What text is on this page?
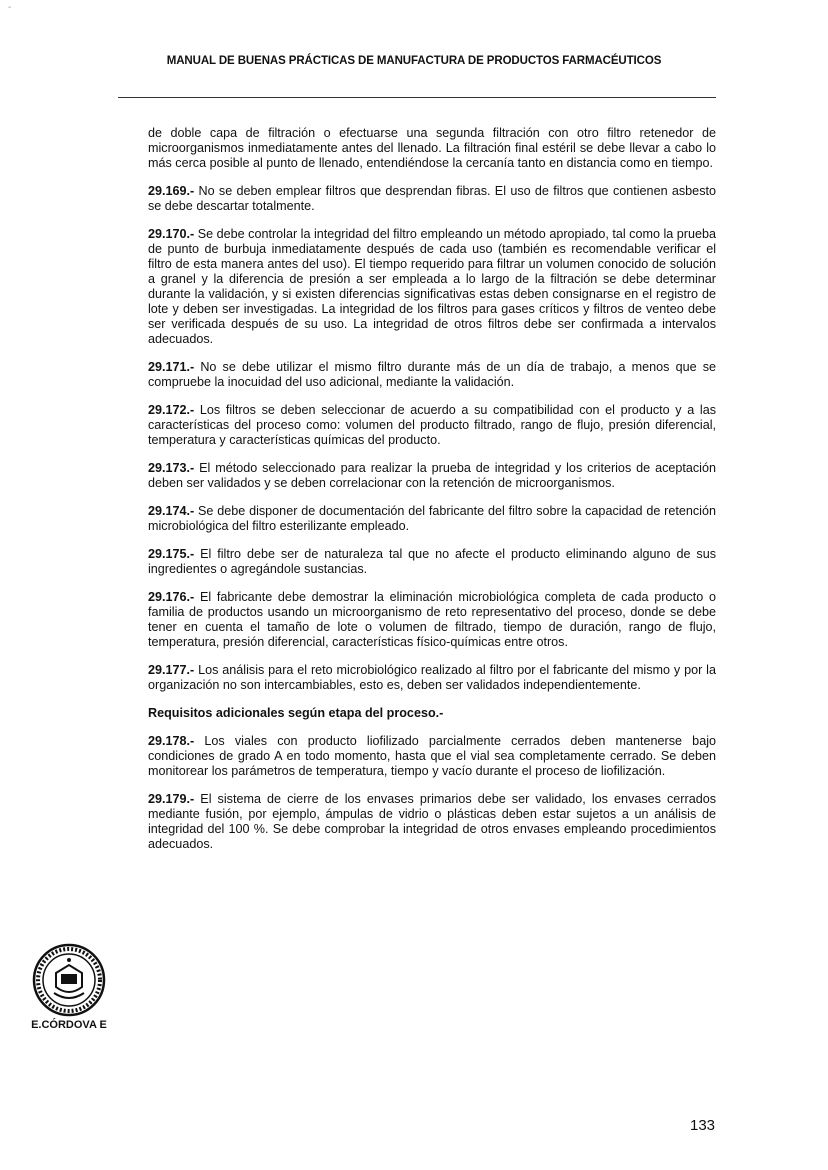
-
MANUAL DE BUENAS PRÁCTICAS DE MANUFACTURA DE PRODUCTOS FARMACÉUTICOS

de doble capa de filtración o efectuarse una segunda filtración con otro filtro retenedor de microorganismos inmediatamente antes del llenado. La filtración final estéril se debe llevar a cabo lo más cerca posible al punto de llenado, entendiéndose la cercanía tanto en distancia como en tiempo.

29.169.- No se deben emplear filtros que desprendan fibras. El uso de filtros que contienen asbesto se debe descartar totalmente.

29.170.- Se debe controlar la integridad del filtro empleando un método apropiado, tal como la prueba de punto de burbuja inmediatamente después de cada uso (también es recomendable verificar el filtro de esta manera antes del uso). El tiempo requerido para filtrar un volumen conocido de solución a granel y la diferencia de presión a ser empleada a lo largo de la filtración se debe determinar durante la validación, y si existen diferencias significativas estas deben consignarse en el registro de lote y deben ser investigadas. La integridad de los filtros para gases críticos y filtros de venteo debe ser verificada después de su uso. La integridad de otros filtros debe ser confirmada a intervalos adecuados.

29.171.- No se debe utilizar el mismo filtro durante más de un día de trabajo, a menos que se compruebe la inocuidad del uso adicional, mediante la validación.

29.172.- Los filtros se deben seleccionar de acuerdo a su compatibilidad con el producto y a las características del proceso como: volumen del producto filtrado, rango de flujo, presión diferencial, temperatura y características químicas del producto.

29.173.- El método seleccionado para realizar la prueba de integridad y los criterios de aceptación deben ser validados y se deben correlacionar con la retención de microorganismos.

29.174.- Se debe disponer de documentación del fabricante del filtro sobre la capacidad de retención microbiológica del filtro esterilizante empleado.

29.175.- El filtro debe ser de naturaleza tal que no afecte el producto eliminando alguno de sus ingredientes o agregándole sustancias.

29.176.- El fabricante debe demostrar la eliminación microbiológica completa de cada producto o familia de productos usando un microorganismo de reto representativo del proceso, donde se debe tener en cuenta el tamaño de lote o volumen de filtrado, tiempo de duración, rango de flujo, temperatura, presión diferencial, características físico-químicas entre otros.

29.177.- Los análisis para el reto microbiológico realizado al filtro por el fabricante del mismo y por la organización no son intercambiables, esto es, deben ser validados independientemente.

Requisitos adicionales según etapa del proceso.-

29.178.- Los viales con producto liofilizado parcialmente cerrados deben mantenerse bajo condiciones de grado A en todo momento, hasta que el vial sea completamente cerrado. Se deben monitorear los parámetros de temperatura, tiempo y vacío durante el proceso de liofilización.

29.179.- El sistema de cierre de los envases primarios debe ser validado, los envases cerrados mediante fusión, por ejemplo, ámpulas de vidrio o plásticas deben estar sujetos a un análisis de integridad del 100 %. Se debe comprobar la integridad de otros envases empleando procedimientos adecuados.

E.CÓRDOVA E
133
